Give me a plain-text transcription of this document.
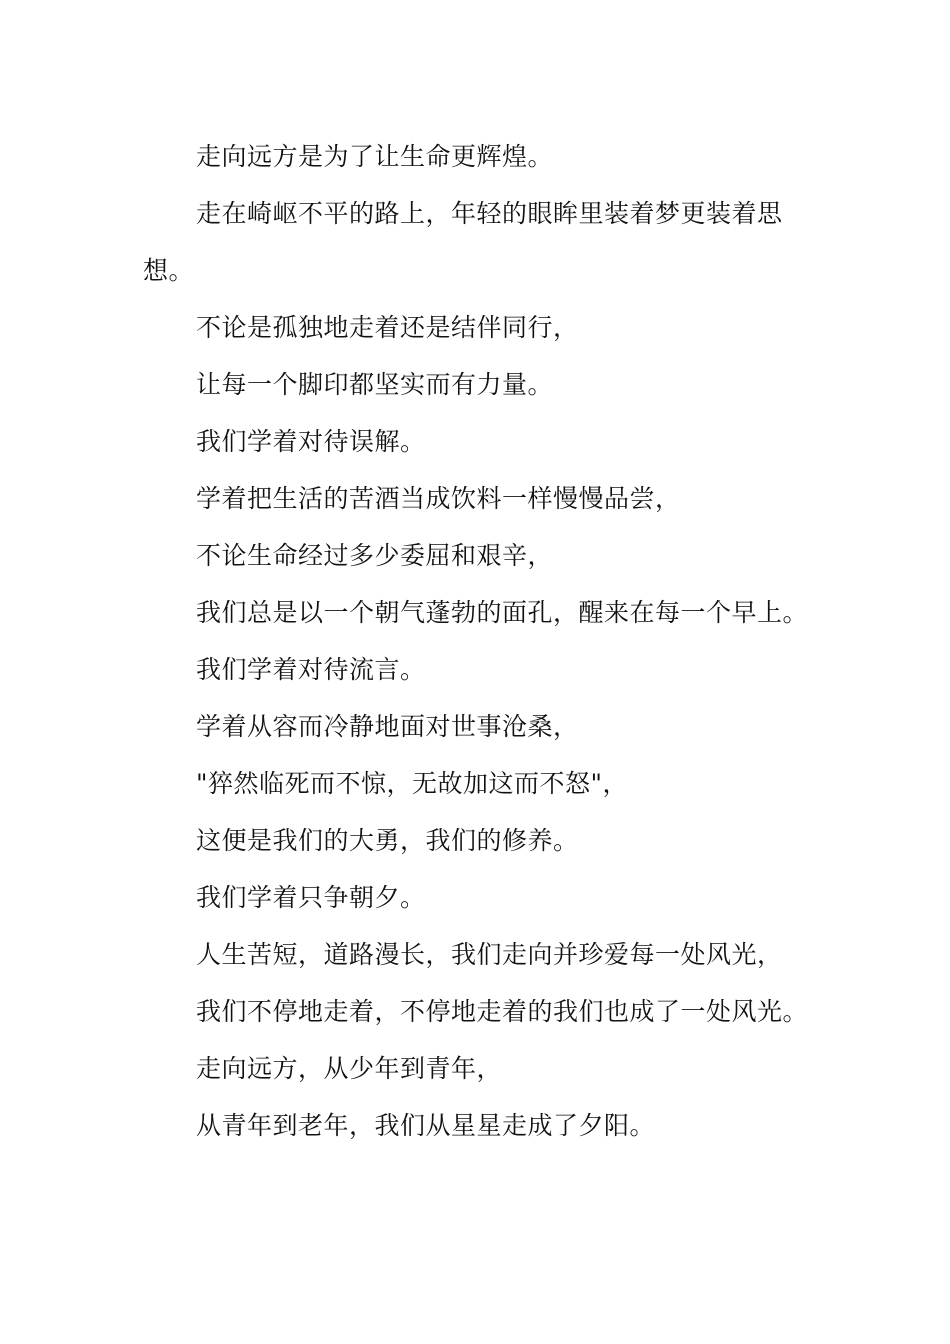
走向远方是为了让生命更辉煌。

走在崎岖不平的路上，年轻的眼眸里装着梦更装着思想。

不论是孤独地走着还是结伴同行，

让每一个脚印都坚实而有力量。

我们学着对待误解。

学着把生活的苦酒当成饮料一样慢慢品尝，

不论生命经过多少委屈和艰辛，

我们总是以一个朝气蓬勃的面孔，醒来在每一个早上。

我们学着对待流言。

学着从容而冷静地面对世事沧桑，

"猝然临死而不惊，无故加这而不怒"，

这便是我们的大勇，我们的修养。

我们学着只争朝夕。

人生苦短，道路漫长，我们走向并珍爱每一处风光，

我们不停地走着，不停地走着的我们也成了一处风光。

走向远方，从少年到青年，

从青年到老年，我们从星星走成了夕阳。
